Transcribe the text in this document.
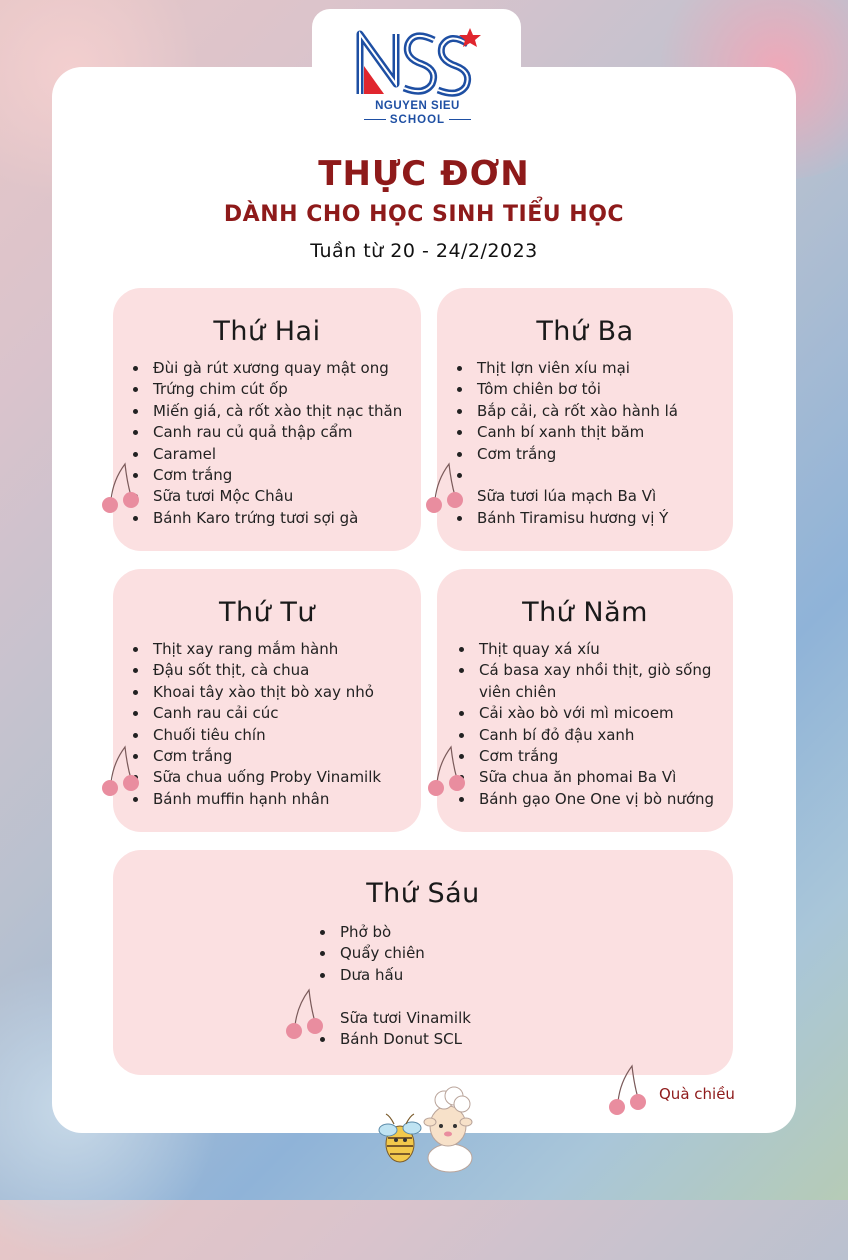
NGUYEN SIEU
SCHOOL
THỰC ĐƠN
DÀNH CHO HỌC SINH TIỂU HỌC
Tuần từ 20 - 24/2/2023
Thứ Hai
Đùi gà rút xương quay mật ong
Trứng chim cút ốp
Miến giá, cà rốt xào thịt nạc thăn
Canh rau củ quả thập cẩm
Caramel
Cơm trắng
Sữa tươi Mộc Châu
Bánh Karo trứng tươi sợi gà
Thứ Ba
Thịt lợn viên xíu mại
Tôm chiên bơ tỏi
Bắp cải, cà rốt xào hành lá
Canh bí xanh thịt băm
Cơm trắng
Sữa tươi lúa mạch Ba Vì
Bánh Tiramisu hương vị Ý
Thứ Tư
Thịt xay rang mắm hành
Đậu sốt thịt, cà chua
Khoai tây xào thịt bò xay nhỏ
Canh rau cải cúc
Chuối tiêu chín
Cơm trắng
Sữa chua uống Proby Vinamilk
Bánh muffin hạnh nhân
Thứ Năm
Thịt quay xá xíu
Cá basa xay nhồi thịt, giò sống viên chiên
Cải xào bò với mì micoem
Canh bí đỏ đậu xanh
Cơm trắng
Sữa chua ăn phomai Ba Vì
Bánh gạo One One vị bò nướng
Thứ Sáu
Phở bò
Quẩy chiên
Dưa hấu
Sữa tươi Vinamilk
Bánh Donut SCL
Quà chiều
